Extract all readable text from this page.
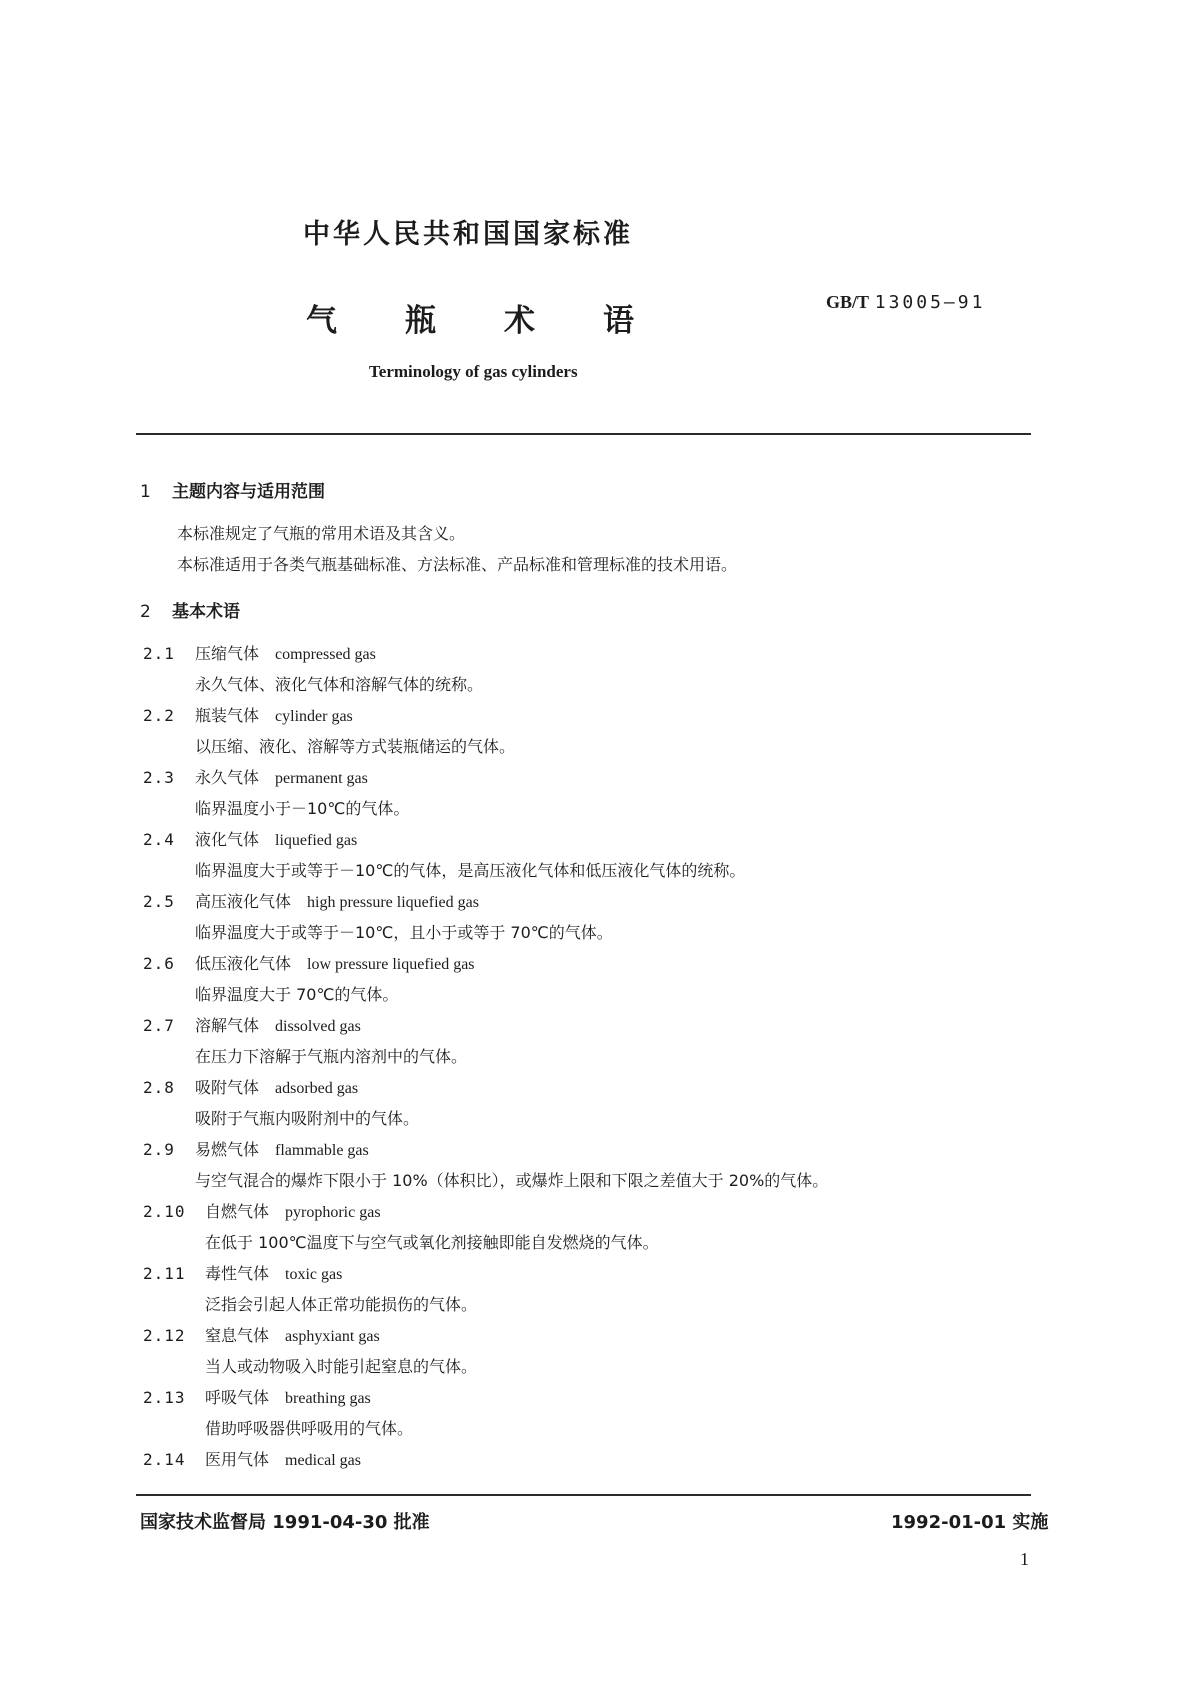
中华人民共和国国家标准
气瓶术语
GB/T 13005—91
Terminology of gas cylinders
1 主题内容与适用范围
本标准规定了气瓶的常用术语及其含义。
本标准适用于各类气瓶基础标准、方法标准、产品标准和管理标准的技术用语。
2 基本术语
2.1 压缩气体 compressed gas
永久气体、液化气体和溶解气体的统称。
2.2 瓶装气体 cylinder gas
以压缩、液化、溶解等方式装瓶储运的气体。
2.3 永久气体 permanent gas
临界温度小于－10℃的气体。
2.4 液化气体 liquefied gas
临界温度大于或等于－10℃的气体，是高压液化气体和低压液化气体的统称。
2.5 高压液化气体 high pressure liquefied gas
临界温度大于或等于－10℃，且小于或等于 70℃的气体。
2.6 低压液化气体 low pressure liquefied gas
临界温度大于 70℃的气体。
2.7 溶解气体 dissolved gas
在压力下溶解于气瓶内溶剂中的气体。
2.8 吸附气体 adsorbed gas
吸附于气瓶内吸附剂中的气体。
2.9 易燃气体 flammable gas
与空气混合的爆炸下限小于 10%（体积比），或爆炸上限和下限之差值大于 20%的气体。
2.10 自燃气体 pyrophoric gas
在低于 100℃温度下与空气或氧化剂接触即能自发燃烧的气体。
2.11 毒性气体 toxic gas
泛指会引起人体正常功能损伤的气体。
2.12 窒息气体 asphyxiant gas
当人或动物吸入时能引起窒息的气体。
2.13 呼吸气体 breathing gas
借助呼吸器供呼吸用的气体。
2.14 医用气体 medical gas
国家技术监督局 1991-04-30 批准	1992-01-01 实施
1
